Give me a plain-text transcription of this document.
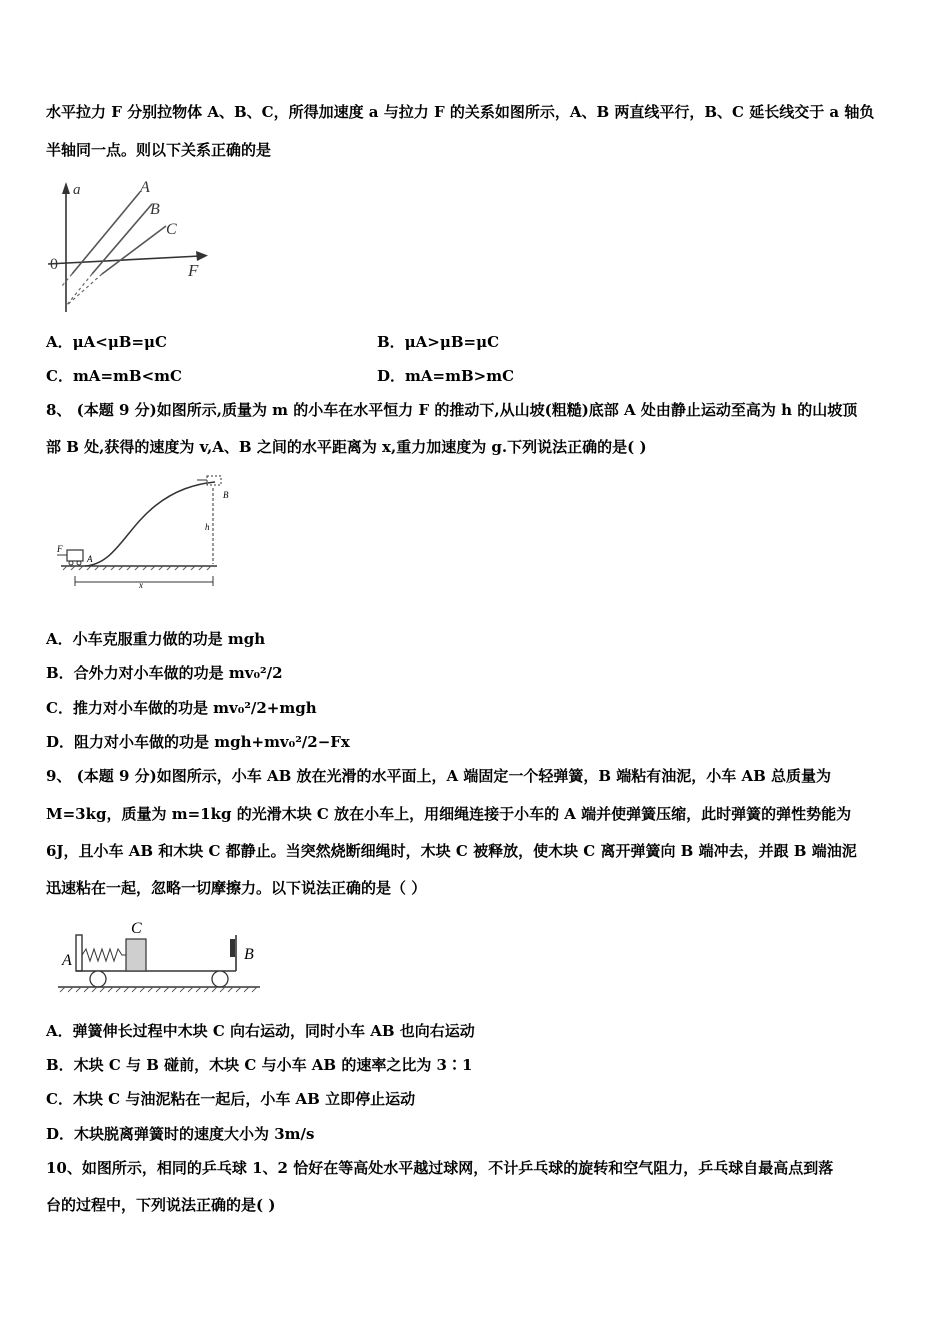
水平拉力 F 分别拉物体 A、B、C，所得加速度 a 与拉力 F 的关系如图所示，A、B 两直线平行，B、C 延长线交于 a 轴负
半轴同一点。则以下关系正确的是
a
F
0
A
B
C
A．μA<μB=μC	B．μA>μB=μC
C．mA=mB<mC	D．mA=mB>mC
8、 (本题 9 分)如图所示,质量为 m 的小车在水平恒力 F 的推动下,从山坡(粗糙)底部 A 处由静止运动至高为 h 的山坡顶
部 B 处,获得的速度为 v,A、B 之间的水平距离为 x,重力加速度为 g.下列说法正确的是( )
F
A
B
h
x
A．小车克服重力做的功是 mgh
B．合外力对小车做的功是 mv₀²/2
C．推力对小车做的功是 mv₀²/2+mgh
D．阻力对小车做的功是 mgh+mv₀²/2−Fx
9、 (本题 9 分)如图所示，小车 AB 放在光滑的水平面上，A 端固定一个轻弹簧，B 端粘有油泥，小车 AB 总质量为
M=3kg，质量为 m=1kg 的光滑木块 C 放在小车上，用细绳连接于小车的 A 端并使弹簧压缩，此时弹簧的弹性势能为
6J，且小车 AB 和木块 C 都静止。当突然烧断细绳时，木块 C 被释放，使木块 C 离开弹簧向 B 端冲去，并跟 B 端油泥
迅速粘在一起，忽略一切摩擦力。以下说法正确的是（ ）
A
C
B
A．弹簧伸长过程中木块 C 向右运动，同时小车 AB 也向右运动
B．木块 C 与 B 碰前，木块 C 与小车 AB 的速率之比为 3∶1
C．木块 C 与油泥粘在一起后，小车 AB 立即停止运动
D．木块脱离弹簧时的速度大小为 3m/s
10、如图所示，相同的乒乓球 1、2 恰好在等高处水平越过球网，不计乒乓球的旋转和空气阻力，乒乓球自最高点到落
台的过程中，下列说法正确的是( )
